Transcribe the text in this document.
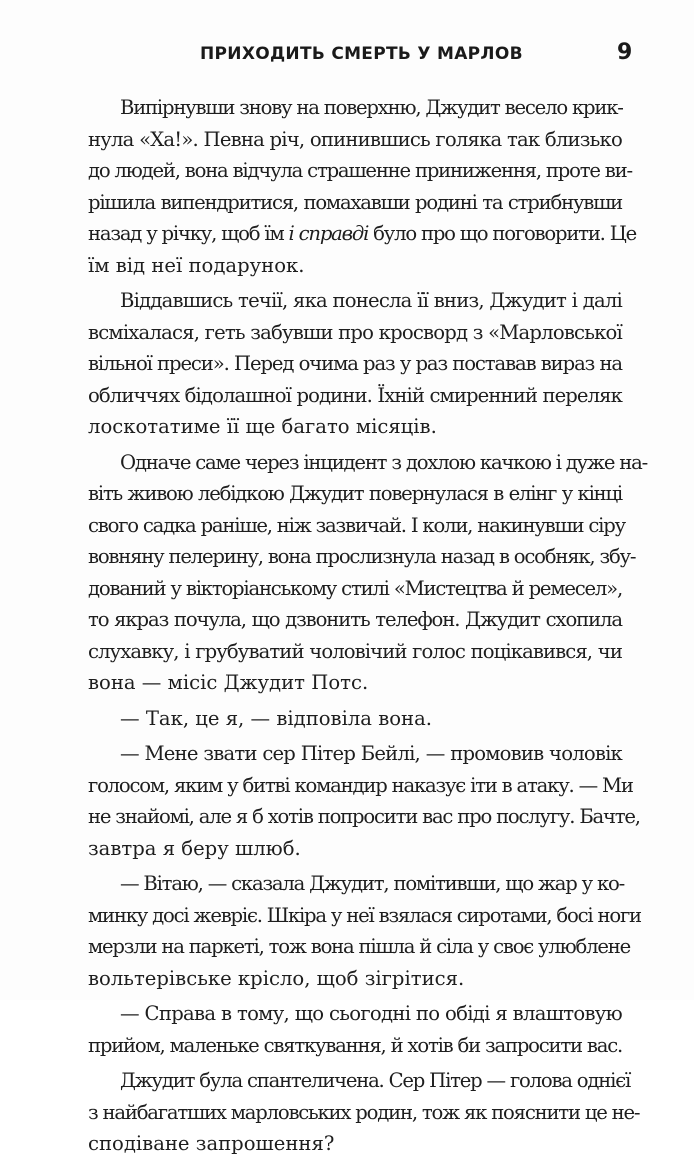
ПРИХОДИТЬ СМЕРТЬ У МАРЛОВ	9

Випірнувши знову на поверхню, Джудит весело крик-
нула «Ха!». Певна річ, опинившись голяка так близько
до людей, вона відчула страшенне приниження, проте ви-
рішила випендритися, помахавши родині та стрибнувши
назад у річку, щоб їм і справді було про що поговорити. Це
їм від неї подарунок.

Віддавшись течії, яка понесла її вниз, Джудит і далі
всміхалася, геть забувши про кросворд з «Марловської
вільної преси». Перед очима раз у раз поставав вираз на
обличчях бідолашної родини. Їхній смиренний переляк
лоскотатиме її ще багато місяців.

Одначе саме через інцидент з дохлою качкою і дуже на-
віть живою лебідкою Джудит повернулася в елінг у кінці
свого садка раніше, ніж зазвичай. І коли, накинувши сіру
вовняну пелерину, вона прослизнула назад в особняк, збу-
дований у вікторіанському стилі «Мистецтва й ремесел»,
то якраз почула, що дзвонить телефон. Джудит схопила
слухавку, і грубуватий чоловічий голос поцікавився, чи
вона — місіс Джудит Потс.

— Так, це я, — відповіла вона.

— Мене звати сер Пітер Бейлі, — промовив чоловік
голосом, яким у битві командир наказує іти в атаку. — Ми
не знайомі, але я б хотів попросити вас про послугу. Бачте,
завтра я беру шлюб.

— Вітаю, — сказала Джудит, помітивши, що жар у ко-
минку досі жевріє. Шкіра у неї взялася сиротами, босі ноги
мерзли на паркеті, тож вона пішла й сіла у своє улюблене
вольтерівське крісло, щоб зігрітися.

— Справа в тому, що сьогодні по обіді я влаштовую
прийом, маленьке святкування, й хотів би запросити вас.

Джудит була спантеличена. Сер Пітер — голова однієї
з найбагатших марловських родин, тож як пояснити це не-
сподіване запрошення?
